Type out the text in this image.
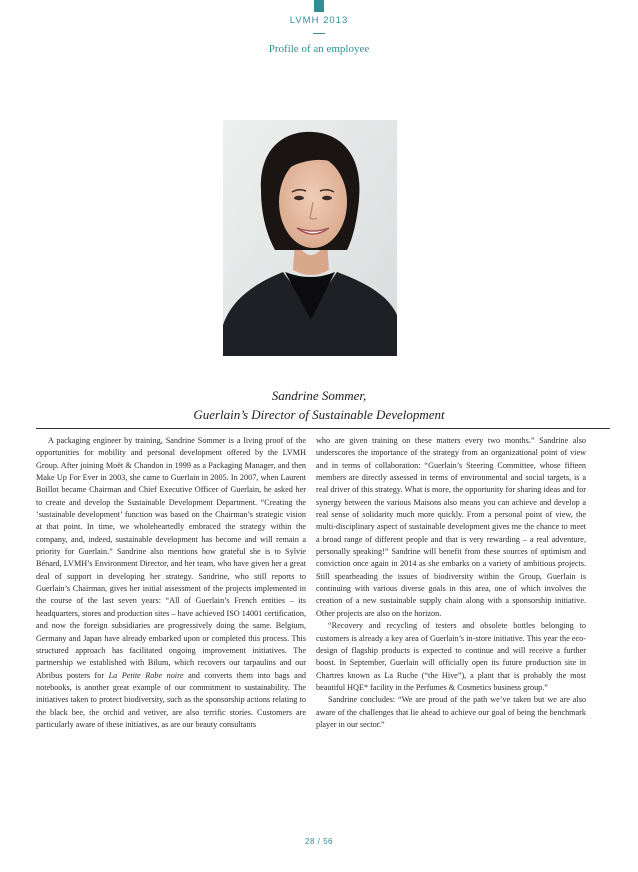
LVMH 2013
Profile of an employee
Sandrine Sommer,
Guerlain’s Director of Sustainable Development

A packaging engineer by training, Sandrine Sommer is a living proof of the opportunities for mobility and personal development offered by the LVMH Group. After joining Moët & Chandon in 1999 as a Packaging Manager, and then Make Up For Ever in 2003, she came to Guerlain in 2005. In 2007, when Laurent Boillot became Chairman and Chief Executive Officer of Guerlain, he asked her to create and develop the Sustainable Development Department. “Creating the ‘sustainable development’ function was based on the Chairman’s strategic vision at that point. In time, we wholeheartedly embraced the strategy within the company, and, indeed, sustainable development has become and will remain a priority for Guerlain.” Sandrine also mentions how grateful she is to Sylvie Bénard, LVMH’s Environment Director, and her team, who have given her a great deal of support in developing her strategy. Sandrine, who still reports to Guerlain’s Chairman, gives her initial assessment of the projects implemented in the course of the last seven years: “All of Guerlain’s French entities – its headquarters, stores and production sites – have achieved ISO 14001 certification, and now the foreign subsidiaries are progressively doing the same. Belgium, Germany and Japan have already embarked upon or completed this process. This structured approach has facilitated ongoing improvement initiatives. The partnership we established with Bilum, which recovers our tarpaulins and our Abribus posters for La Petite Robe noire and converts them into bags and notebooks, is another great example of our commitment to sustainability. The initiatives taken to protect biodiversity, such as the sponsorship actions relating to the black bee, the orchid and vetiver, are also terrific stories. Customers are particularly aware of these initiatives, as are our beauty consultants

who are given training on these matters every two months.” Sandrine also underscores the importance of the strategy from an organizational point of view and in terms of collaboration: “Guerlain’s Steering Committee, whose fifteen members are directly assessed in terms of environmental and social targets, is a real driver of this strategy. What is more, the opportunity for sharing ideas and for synergy between the various Maisons also means you can achieve and develop a real sense of solidarity much more quickly. From a personal point of view, the multi-disciplinary aspect of sustainable development gives me the chance to meet a broad range of different people and that is very rewarding – a real adventure, personally speaking!” Sandrine will benefit from these sources of optimism and conviction once again in 2014 as she embarks on a variety of ambitious projects. Still spearheading the issues of biodiversity within the Group, Guerlain is continuing with various diverse goals in this area, one of which involves the creation of a new sustainable supply chain along with a sponsorship initiative. Other projects are also on the horizon.

“Recovery and recycling of testers and obsolete bottles belonging to customers is already a key area of Guerlain’s in-store initiative. This year the eco-design of flagship products is expected to continue and will receive a further boost. In September, Guerlain will officially open its future production site in Chartres known as La Ruche (“the Hive”), a plant that is probably the most beautiful HQE* facility in the Perfumes & Cosmetics business group.”

Sandrine concludes: “We are proud of the path we’ve taken but we are also aware of the challenges that lie ahead to achieve our goal of being the benchmark player in our sector.”

28 / 56
